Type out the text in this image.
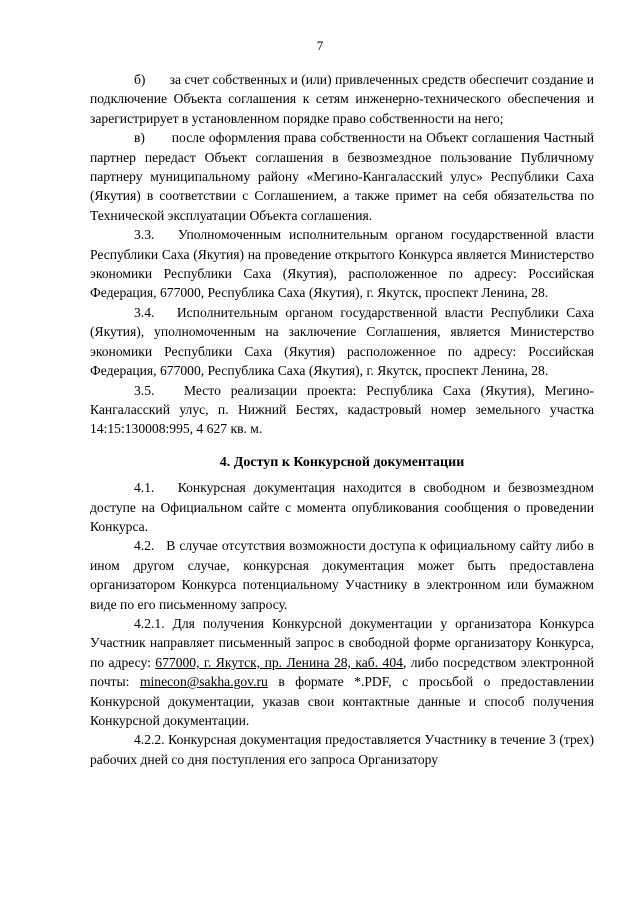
7

б)       за счет собственных и (или) привлеченных средств обеспечит создание и подключение Объекта соглашения к сетям инженерно-технического обеспечения и зарегистрирует в установленном порядке право собственности на него;

в)       после оформления права собственности на Объект соглашения Частный партнер передаст Объект соглашения в безвозмездное пользование Публичному партнеру муниципальному району «Мегино-Кангаласский улус» Республики Саха (Якутия) в соответствии с Соглашением, а также примет на себя обязательства по Технической эксплуатации Объекта соглашения.

3.3.   Уполномоченным исполнительным органом государственной власти Республики Саха (Якутия) на проведение открытого Конкурса является Министерство экономики Республики Саха (Якутия), расположенное по адресу: Российская Федерация, 677000, Республика Саха (Якутия), г. Якутск, проспект Ленина, 28.

3.4.   Исполнительным органом государственной власти Республики Саха (Якутия), уполномоченным на заключение Соглашения, является Министерство экономики Республики Саха (Якутия) расположенное по адресу: Российская Федерация, 677000, Республика Саха (Якутия), г. Якутск, проспект Ленина, 28.

3.5.   Место реализации проекта: Республика Саха (Якутия), Мегино-Кангаласский улус, п. Нижний Бестях, кадастровый номер земельного участка 14:15:130008:995, 4 627 кв. м.

4. Доступ к Конкурсной документации

4.1.   Конкурсная документация находится в свободном и безвозмездном доступе на Официальном сайте с момента опубликования сообщения о проведении Конкурса.

4.2.   В случае отсутствия возможности доступа к официальному сайту либо в ином другом случае, конкурсная документация может быть предоставлена организатором Конкурса потенциальному Участнику в электронном или бумажном виде по его письменному запросу.

4.2.1. Для получения Конкурсной документации у организатора Конкурса Участник направляет письменный запрос в свободной форме организатору Конкурса, по адресу: 677000, г. Якутск, пр. Ленина 28, каб. 404, либо посредством электронной почты: minecon@sakha.gov.ru в формате *.PDF, с просьбой о предоставлении Конкурсной документации, указав свои контактные данные и способ получения Конкурсной документации.

4.2.2. Конкурсная документация предоставляется Участнику в течение 3 (трех) рабочих дней со дня поступления его запроса Организатору
